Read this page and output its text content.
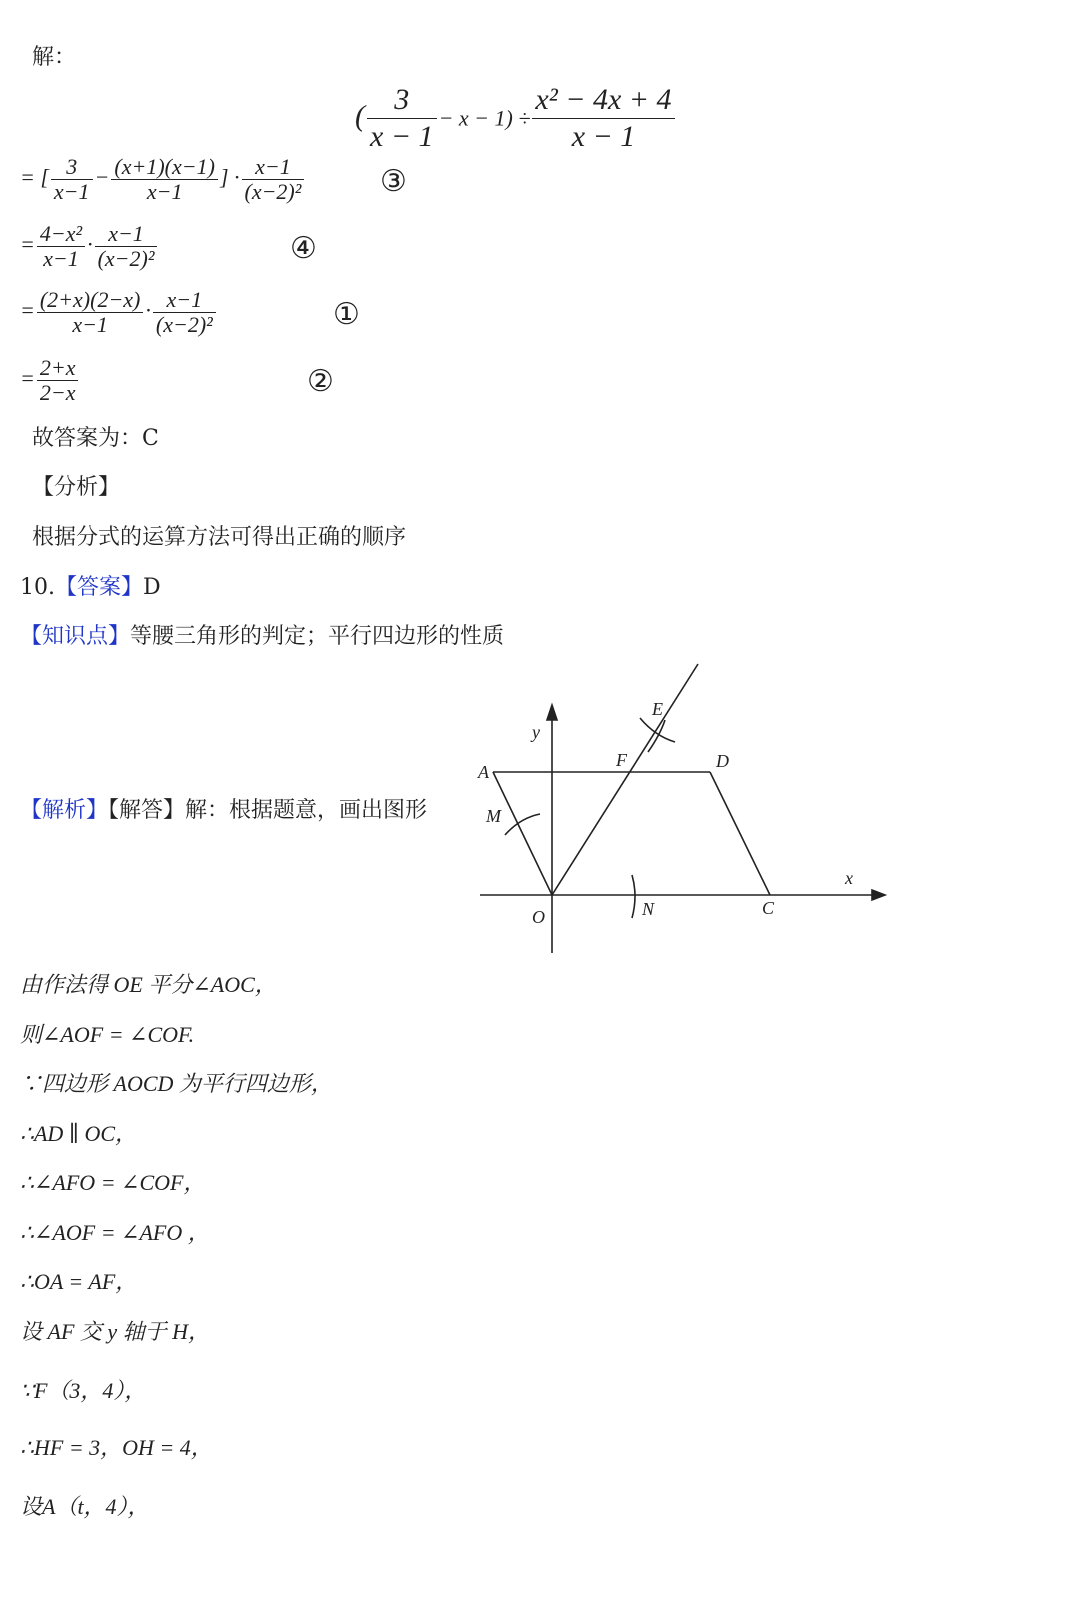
解：
( $\frac{3}{x - 1} - x - 1) \div \frac{\text{x² − 4x + 4}}{x - 1}$
= [ $\frac{3}{x-1} - \frac{(x+1)(x-1)}{x-1}$ ] · $\frac{x-1}{\text{(x−2)²}}$	③
= $\frac{\text{4−x²}}{x-1} \cdot \frac{x-1}{\text{(x−2)²}}$	④
= $\frac{(2+x)(2-x)}{x-1} \cdot \frac{x-1}{\text{(x−2)²}}$	①
= $\frac{2+x}{2-x}$	②
故答案为：C
【分析】
根据分式的运算方法可得出正确的顺序
10.【答案】D
【知识点】等腰三角形的判定；平行四边形的性质
【解析】【解答】解：根据题意，画出图形
E
y
F	D
A
M
x
O	N	C
由作法得 OE 平分∠AOC，
则∠AOF = ∠COF.
∵四边形 AOCD 为平行四边形，
∴AD ∥ OC，
∴∠AFO = ∠COF，
∴∠AOF = ∠AFO ，
∴OA = AF，
设 AF 交 y 轴于 H，
∵F（3，4），
∴HF = 3，OH = 4，
设A（t，4），
